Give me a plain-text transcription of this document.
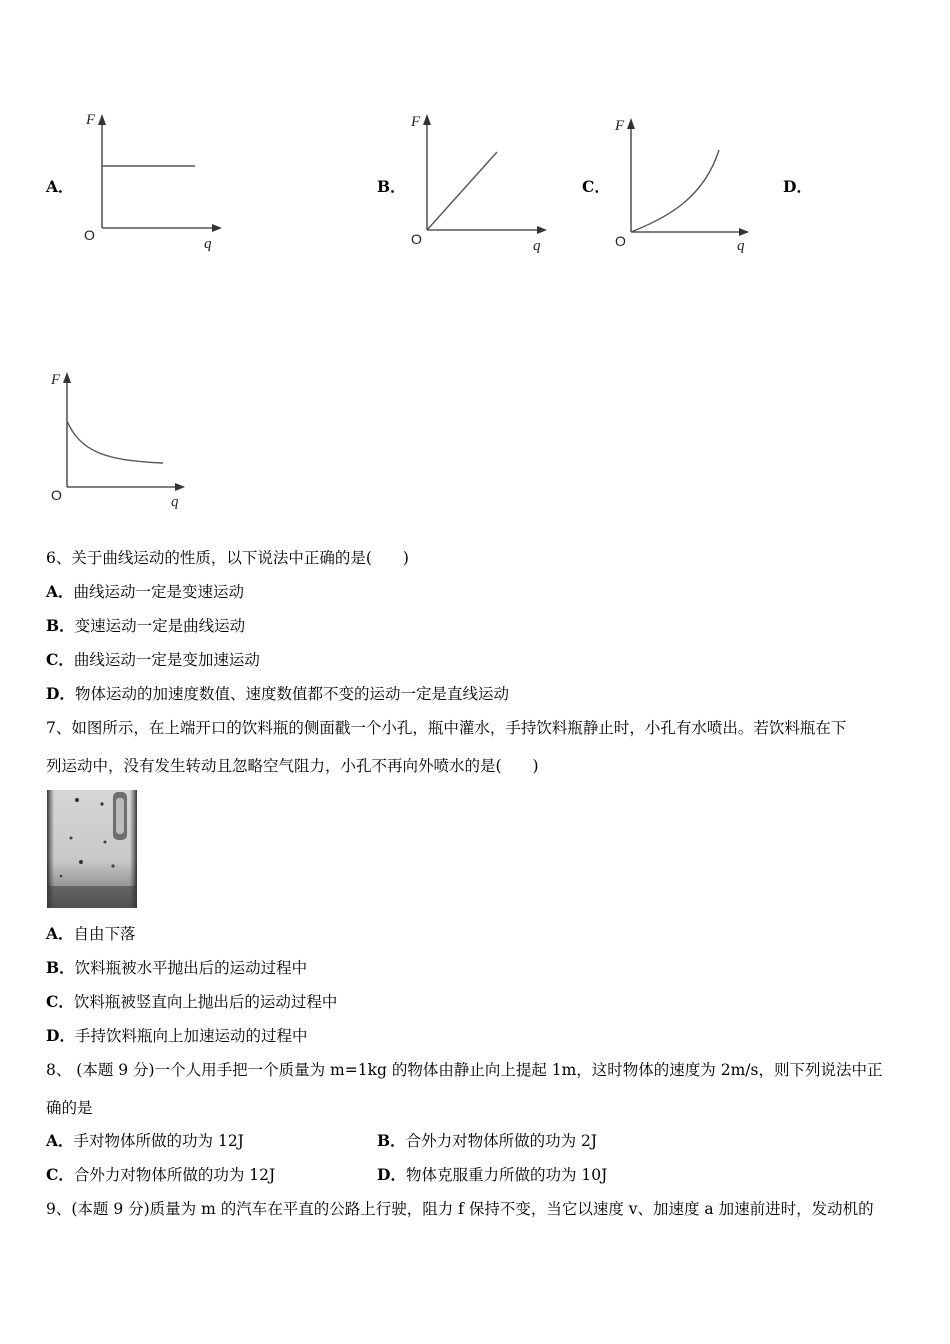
A．
F
q
O
B．
F
q
O
C．
F
q
O
D．
F
q
O
6、关于曲线运动的性质，以下说法中正确的是(　　)
A．曲线运动一定是变速运动
B．变速运动一定是曲线运动
C．曲线运动一定是变加速运动
D．物体运动的加速度数值、速度数值都不变的运动一定是直线运动
7、如图所示，在上端开口的饮料瓶的侧面戳一个小孔，瓶中灌水，手持饮料瓶静止时，小孔有水喷出。若饮料瓶在下
列运动中，没有发生转动且忽略空气阻力，小孔不再向外喷水的是(　　)
A．自由下落
B．饮料瓶被水平抛出后的运动过程中
C．饮料瓶被竖直向上抛出后的运动过程中
D．手持饮料瓶向上加速运动的过程中
8、 (本题 9 分)一个人用手把一个质量为 m=1kg 的物体由静止向上提起 1m，这时物体的速度为 2m/s，则下列说法中正
确的是
A．手对物体所做的功为 12J	B．合外力对物体所做的功为 2J
C．合外力对物体所做的功为 12J	D．物体克服重力所做的功为 10J
9、(本题 9 分)质量为 m 的汽车在平直的公路上行驶，阻力 f 保持不变，当它以速度 v、加速度 a 加速前进时，发动机的
